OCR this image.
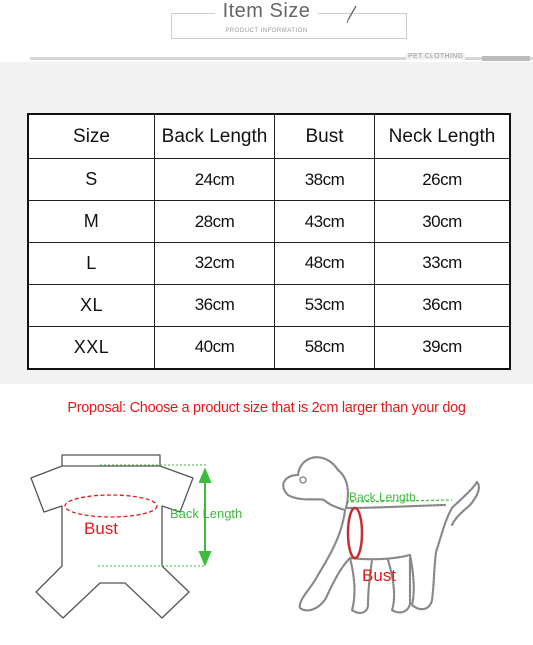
Item Size
PRODUCT INFORMATION
PET CLOTHING
Size	Back Length	Bust	Neck Length
S	24cm	38cm	26cm
M	28cm	43cm	30cm
L	32cm	48cm	33cm
XL	36cm	53cm	36cm
XXL	40cm	58cm	39cm
Proposal: Choose a product size that is 2cm larger than your dog
Bust
Back Length
Back Length
Bust
